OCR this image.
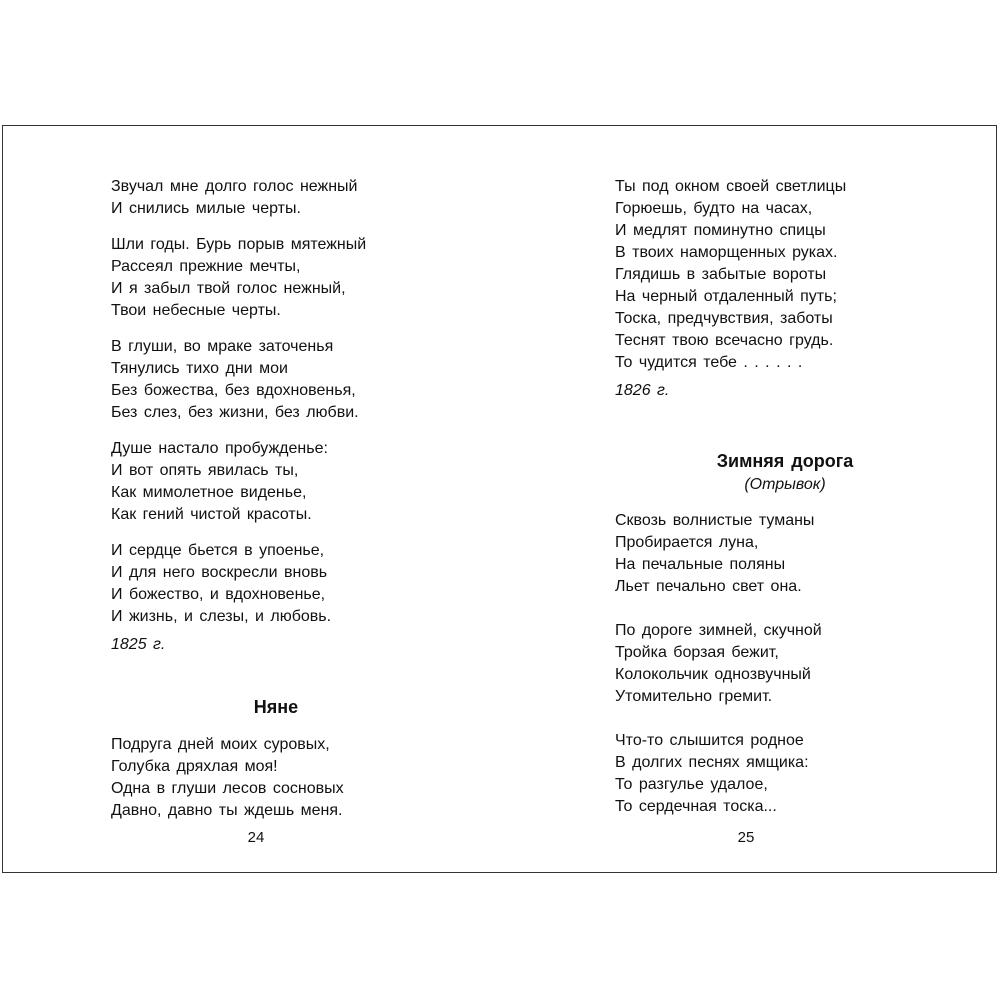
Звучал мне долго голос нежный
И снились милые черты.
Шли годы. Бурь порыв мятежный
Рассеял прежние мечты,
И я забыл твой голос нежный,
Твои небесные черты.
В глуши, во мраке заточенья
Тянулись тихо дни мои
Без божества, без вдохновенья,
Без слез, без жизни, без любви.
Душе настало пробужденье:
И вот опять явилась ты,
Как мимолетное виденье,
Как гений чистой красоты.
И сердце бьется в упоенье,
И для него воскресли вновь
И божество, и вдохновенье,
И жизнь, и слезы, и любовь.
1825 г.
Няне
Подруга дней моих суровых,
Голубка дряхлая моя!
Одна в глуши лесов сосновых
Давно, давно ты ждешь меня.
24
Ты под окном своей светлицы
Горюешь, будто на часах,
И медлят поминутно спицы
В твоих наморщенных руках.
Глядишь в забытые вороты
На черный отдаленный путь;
Тоска, предчувствия, заботы
Теснят твою всечасно грудь.
То чудится тебе . . . . . .
1826 г.
Зимняя дорога
(Отрывок)
Сквозь волнистые туманы
Пробирается луна,
На печальные поляны
Льет печально свет она.
По дороге зимней, скучной
Тройка борзая бежит,
Колокольчик однозвучный
Утомительно гремит.
Что-то слышится родное
В долгих песнях ямщика:
То разгулье удалое,
То сердечная тоска...
25
